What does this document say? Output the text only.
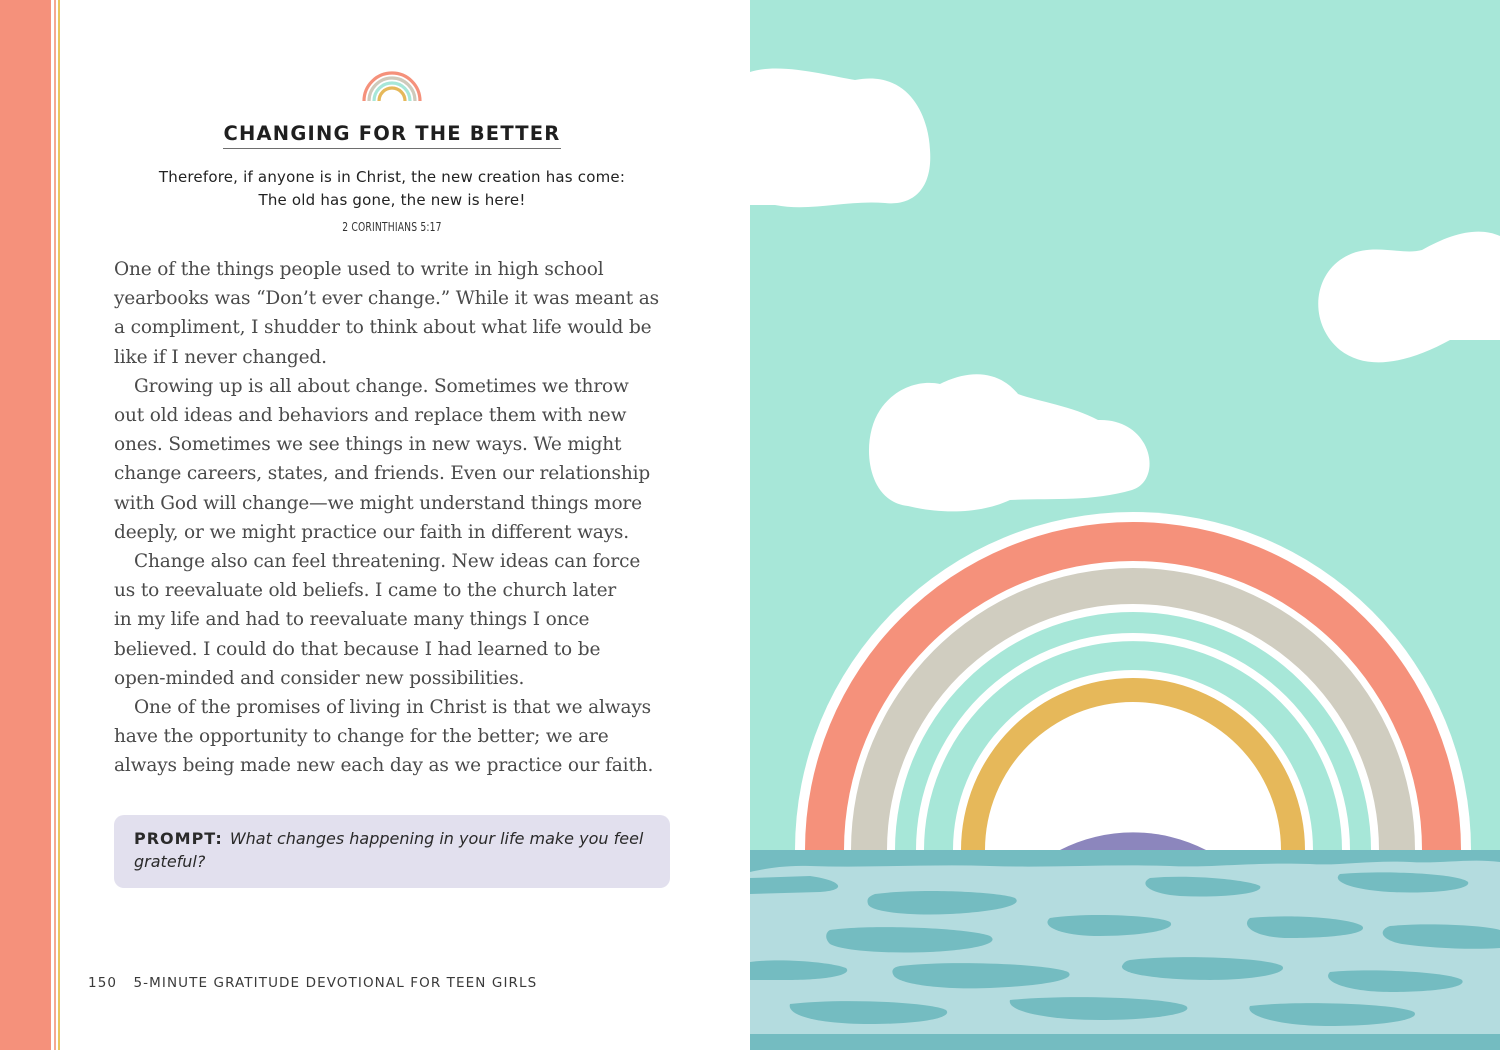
CHANGING FOR THE BETTER
Therefore, if anyone is in Christ, the new creation has come:
The old has gone, the new is here!
2 CORINTHIANS 5:17
One of the things people used to write in high school
yearbooks was “Don’t ever change.” While it was meant as
a compliment, I shudder to think about what life would be
like if I never changed.
Growing up is all about change. Sometimes we throw
out old ideas and behaviors and replace them with new
ones. Sometimes we see things in new ways. We might
change careers, states, and friends. Even our relationship
with God will change—we might understand things more
deeply, or we might practice our faith in different ways.
Change also can feel threatening. New ideas can force
us to reevaluate old beliefs. I came to the church later
in my life and had to reevaluate many things I once
believed. I could do that because I had learned to be
open-minded and consider new possibilities.
One of the promises of living in Christ is that we always
have the opportunity to change for the better; we are
always being made new each day as we practice our faith.
PROMPT: What changes happening in your life make you feel grateful?
150 5-MINUTE GRATITUDE DEVOTIONAL FOR TEEN GIRLS
